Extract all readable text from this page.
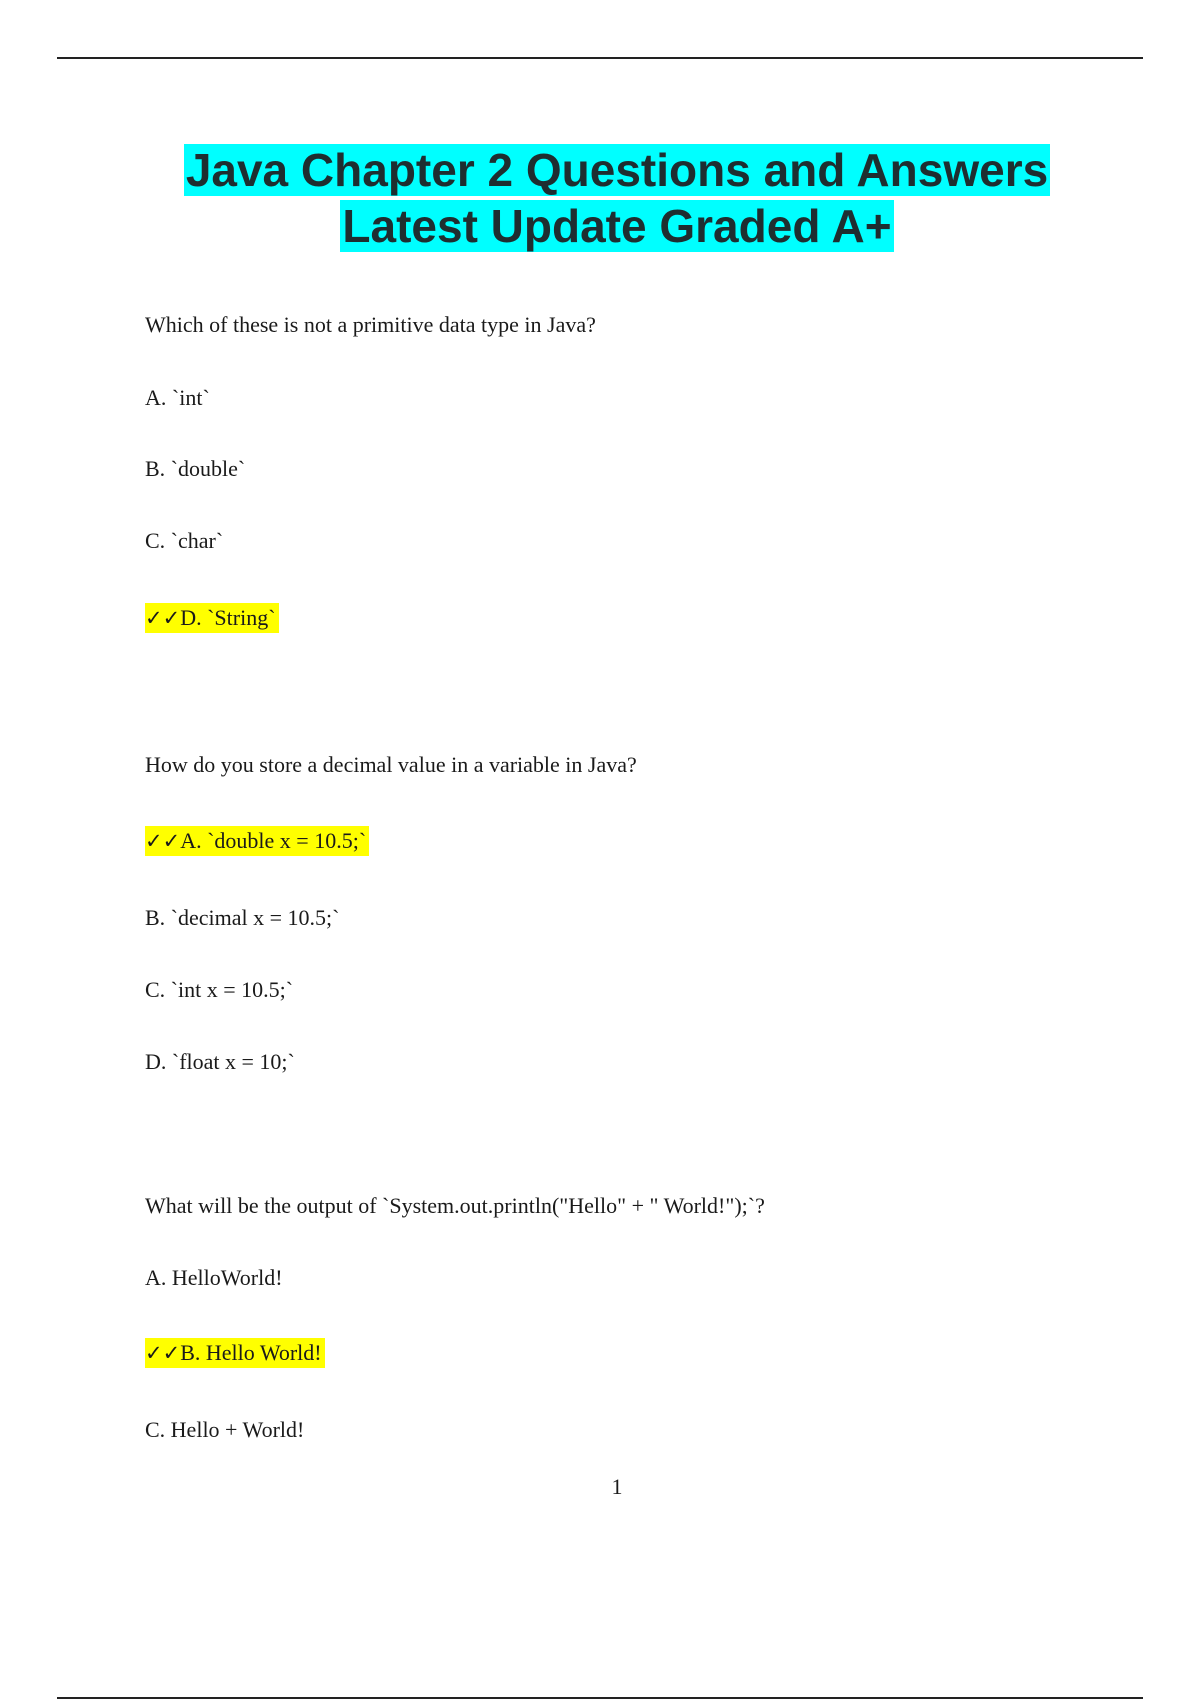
Java Chapter 2 Questions and Answers
Latest Update Graded A+

Which of these is not a primitive data type in Java?

A. `int`

B. `double`

C. `char`

✓✓D. `String`

How do you store a decimal value in a variable in Java?

✓✓A. `double x = 10.5;`

B. `decimal x = 10.5;`

C. `int x = 10.5;`

D. `float x = 10;`

What will be the output of `System.out.println("Hello" + " World!");`?

A. HelloWorld!

✓✓B. Hello World!

C. Hello + World!

1
